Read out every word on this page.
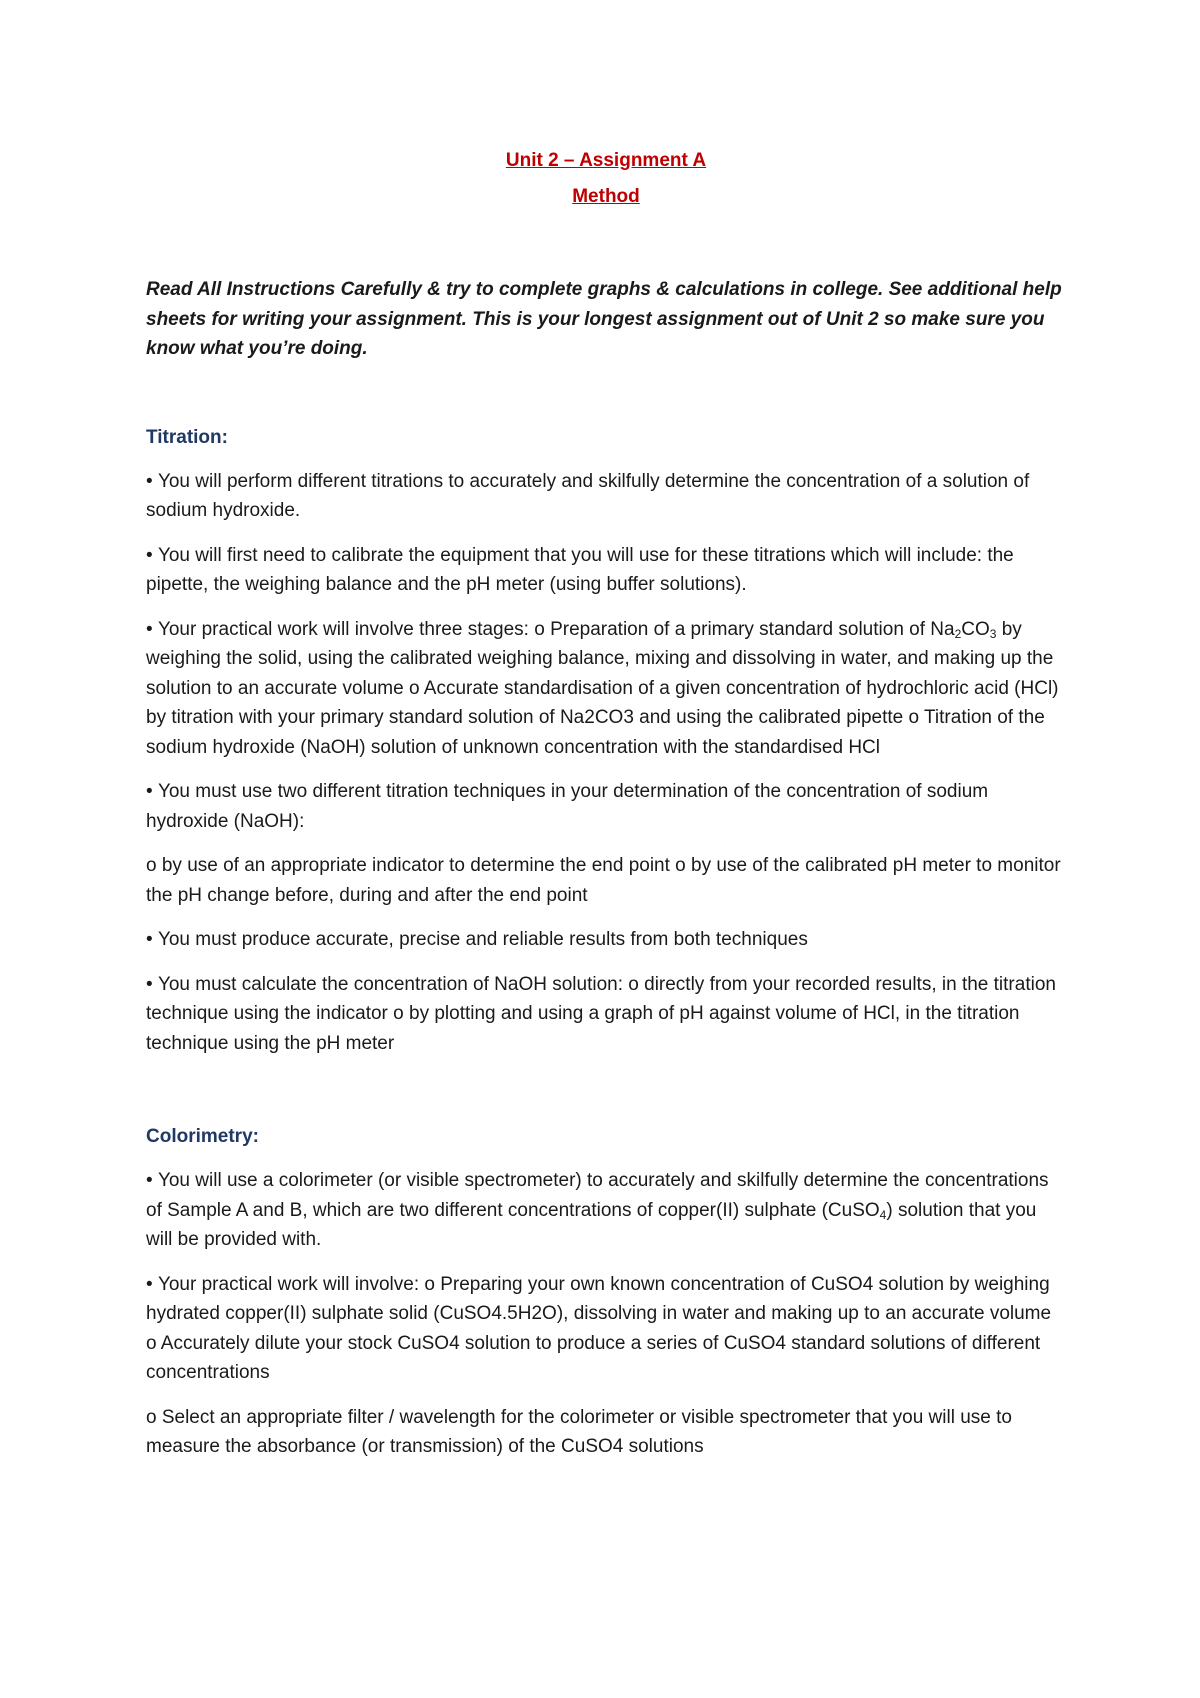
Unit 2 – Assignment A

Method

Read All Instructions Carefully & try to complete graphs & calculations in college. See additional help sheets for writing your assignment. This is your longest assignment out of Unit 2 so make sure you know what you’re doing.

Titration:

• You will perform different titrations to accurately and skilfully determine the concentration of a solution of sodium hydroxide.

• You will first need to calibrate the equipment that you will use for these titrations which will include: the pipette, the weighing balance and the pH meter (using buffer solutions).

• Your practical work will involve three stages: o Preparation of a primary standard solution of $Na_2CO_3$ by weighing the solid, using the calibrated weighing balance, mixing and dissolving in water, and making up the solution to an accurate volume o Accurate standardisation of a given concentration of hydrochloric acid (HCl) by titration with your primary standard solution of Na2CO3 and using the calibrated pipette o Titration of the sodium hydroxide (NaOH) solution of unknown concentration with the standardised HCl

• You must use two different titration techniques in your determination of the concentration of sodium hydroxide (NaOH):

o by use of an appropriate indicator to determine the end point o by use of the calibrated pH meter to monitor the pH change before, during and after the end point

• You must produce accurate, precise and reliable results from both techniques

• You must calculate the concentration of NaOH solution: o directly from your recorded results, in the titration technique using the indicator o by plotting and using a graph of pH against volume of HCl, in the titration technique using the pH meter

Colorimetry:

• You will use a colorimeter (or visible spectrometer) to accurately and skilfully determine the concentrations of Sample A and B, which are two different concentrations of copper(II) sulphate (CuSO$_4$) solution that you will be provided with.

• Your practical work will involve: o Preparing your own known concentration of CuSO4 solution by weighing hydrated copper(II) sulphate solid (CuSO4.5H2O), dissolving in water and making up to an accurate volume o Accurately dilute your stock CuSO4 solution to produce a series of CuSO4 standard solutions of different concentrations

o Select an appropriate filter / wavelength for the colorimeter or visible spectrometer that you will use to measure the absorbance (or transmission) of the CuSO4 solutions
